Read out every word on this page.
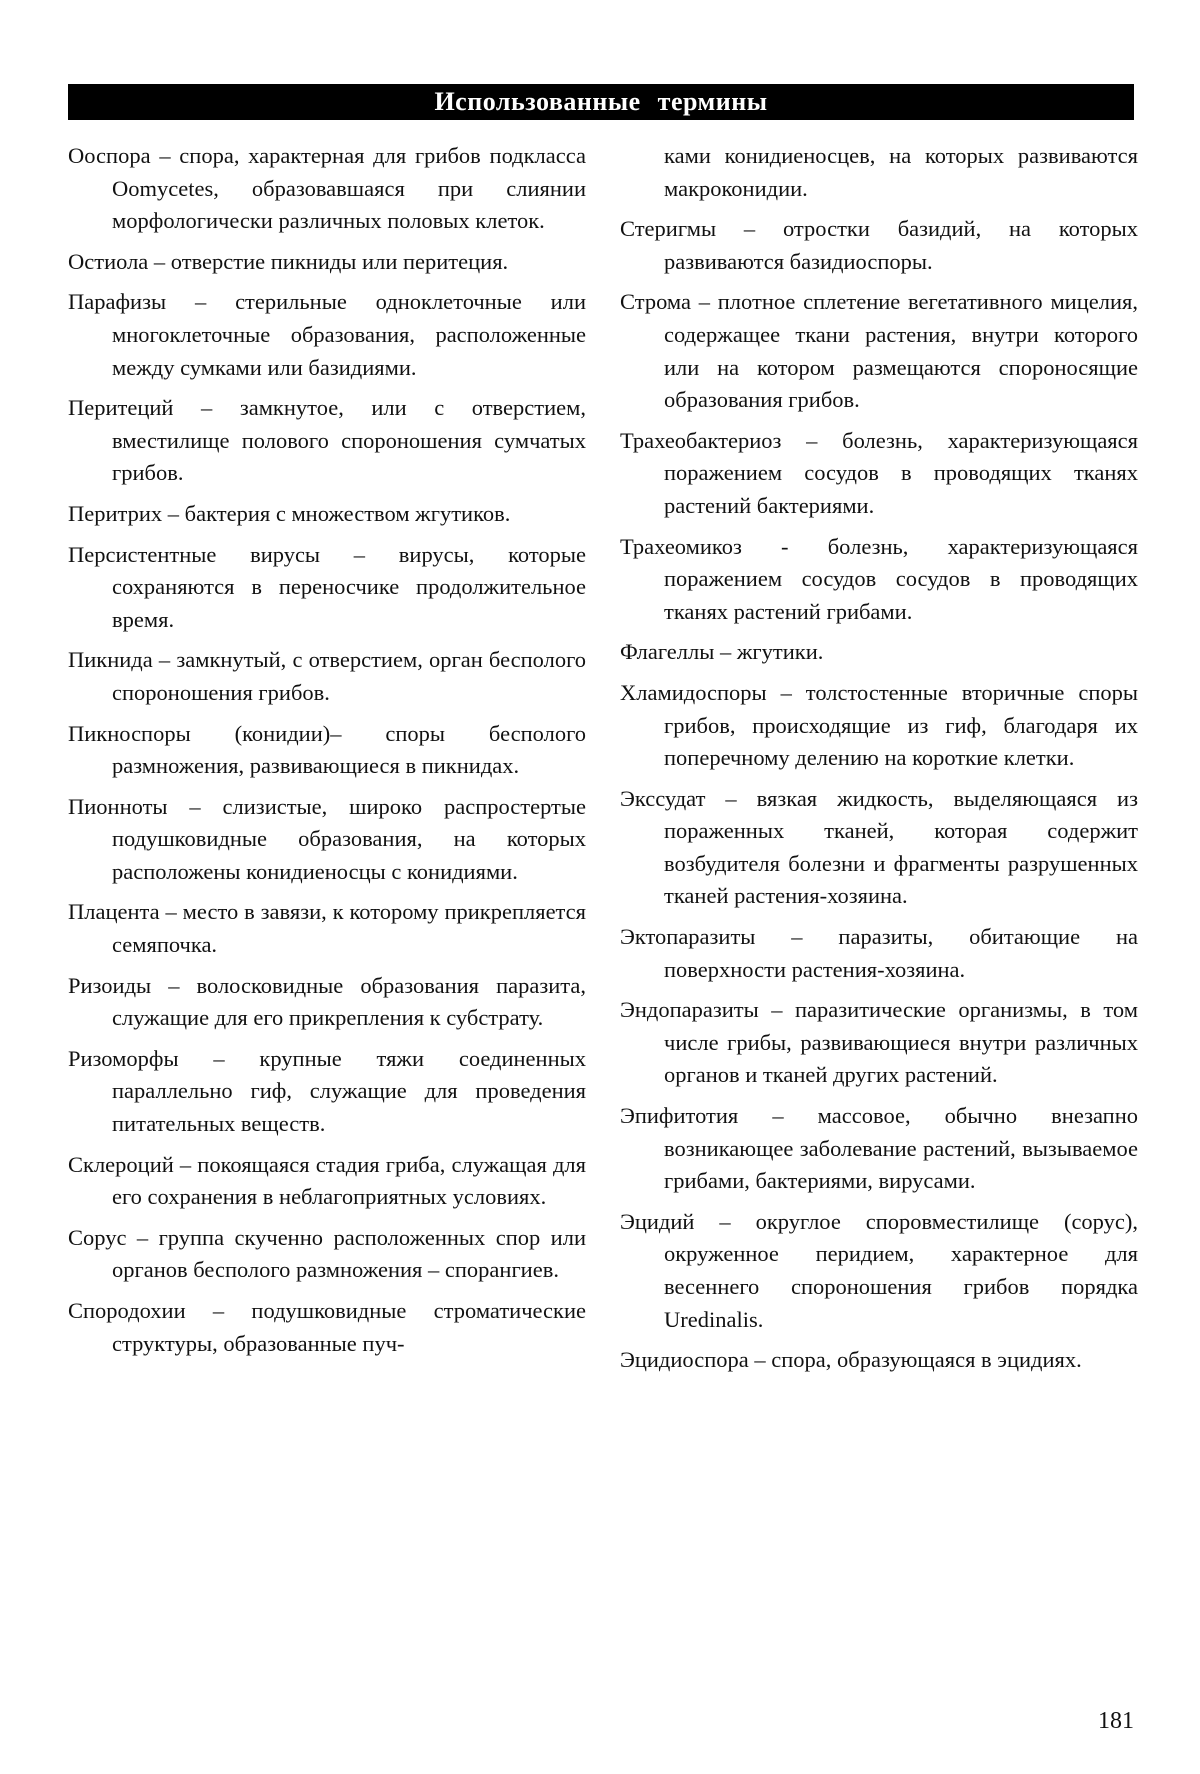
Использованные термины

Ооспора – спора, характерная для грибов подкласса Oomycetes, образовавшаяся при слиянии морфологически различных половых клеток.

Остиола – отверстие пикниды или перитеция.

Парафизы – стерильные одноклеточные или многоклеточные образования, расположенные между сумками или базидиями.

Перитеций – замкнутое, или с отверстием, вместилище полового спороношения сумчатых грибов.

Перитрих – бактерия с множеством жгутиков.

Персистентные вирусы – вирусы, которые сохраняются в переносчике продолжительное время.

Пикнида – замкнутый, с отверстием, орган бесполого спороношения грибов.

Пикноспоры (конидии)– споры бесполого размножения, развивающиеся в пикнидах.

Пионноты – слизистые, широко распростертые подушковидные образования, на которых расположены конидиеносцы с конидиями.

Плацента – место в завязи, к которому прикрепляется семяпочка.

Ризоиды – волосковидные образования паразита, служащие для его прикрепления к субстрату.

Ризоморфы – крупные тяжи соединенных параллельно гиф, служащие для проведения питательных веществ.

Склероций – покоящаяся стадия гриба, служащая для его сохранения в неблагоприятных условиях.

Сорус – группа скученно расположенных спор или органов бесполого размножения – спорангиев.

Спородохии – подушковидные строматические структуры, образованные пуч-

ками конидиеносцев, на которых развиваются макроконидии.

Стеригмы – отростки базидий, на которых развиваются базидиоспоры.

Строма – плотное сплетение вегетативного мицелия, содержащее ткани растения, внутри которого или на котором размещаются спороносящие образования грибов.

Трахеобактериоз – болезнь, характеризующаяся поражением сосудов в проводящих тканях растений бактериями.

Трахеомикоз - болезнь, характеризующаяся поражением сосудов сосудов в проводящих тканях растений грибами.

Флагеллы – жгутики.

Хламидоспоры – толстостенные вторичные споры грибов, происходящие из гиф, благодаря их поперечному делению на короткие клетки.

Экссудат – вязкая жидкость, выделяющаяся из пораженных тканей, которая содержит возбудителя болезни и фрагменты разрушенных тканей растения-хозяина.

Эктопаразиты – паразиты, обитающие на поверхности растения-хозяина.

Эндопаразиты – паразитические организмы, в том числе грибы, развивающиеся внутри различных органов и тканей других растений.

Эпифитотия – массовое, обычно внезапно возникающее заболевание растений, вызываемое грибами, бактериями, вирусами.

Эцидий – округлое споровместилище (сорус), окруженное перидием, характерное для весеннего спороношения грибов порядка Uredinalis.

Эцидиоспора – спора, образующаяся в эцидиях.

181
